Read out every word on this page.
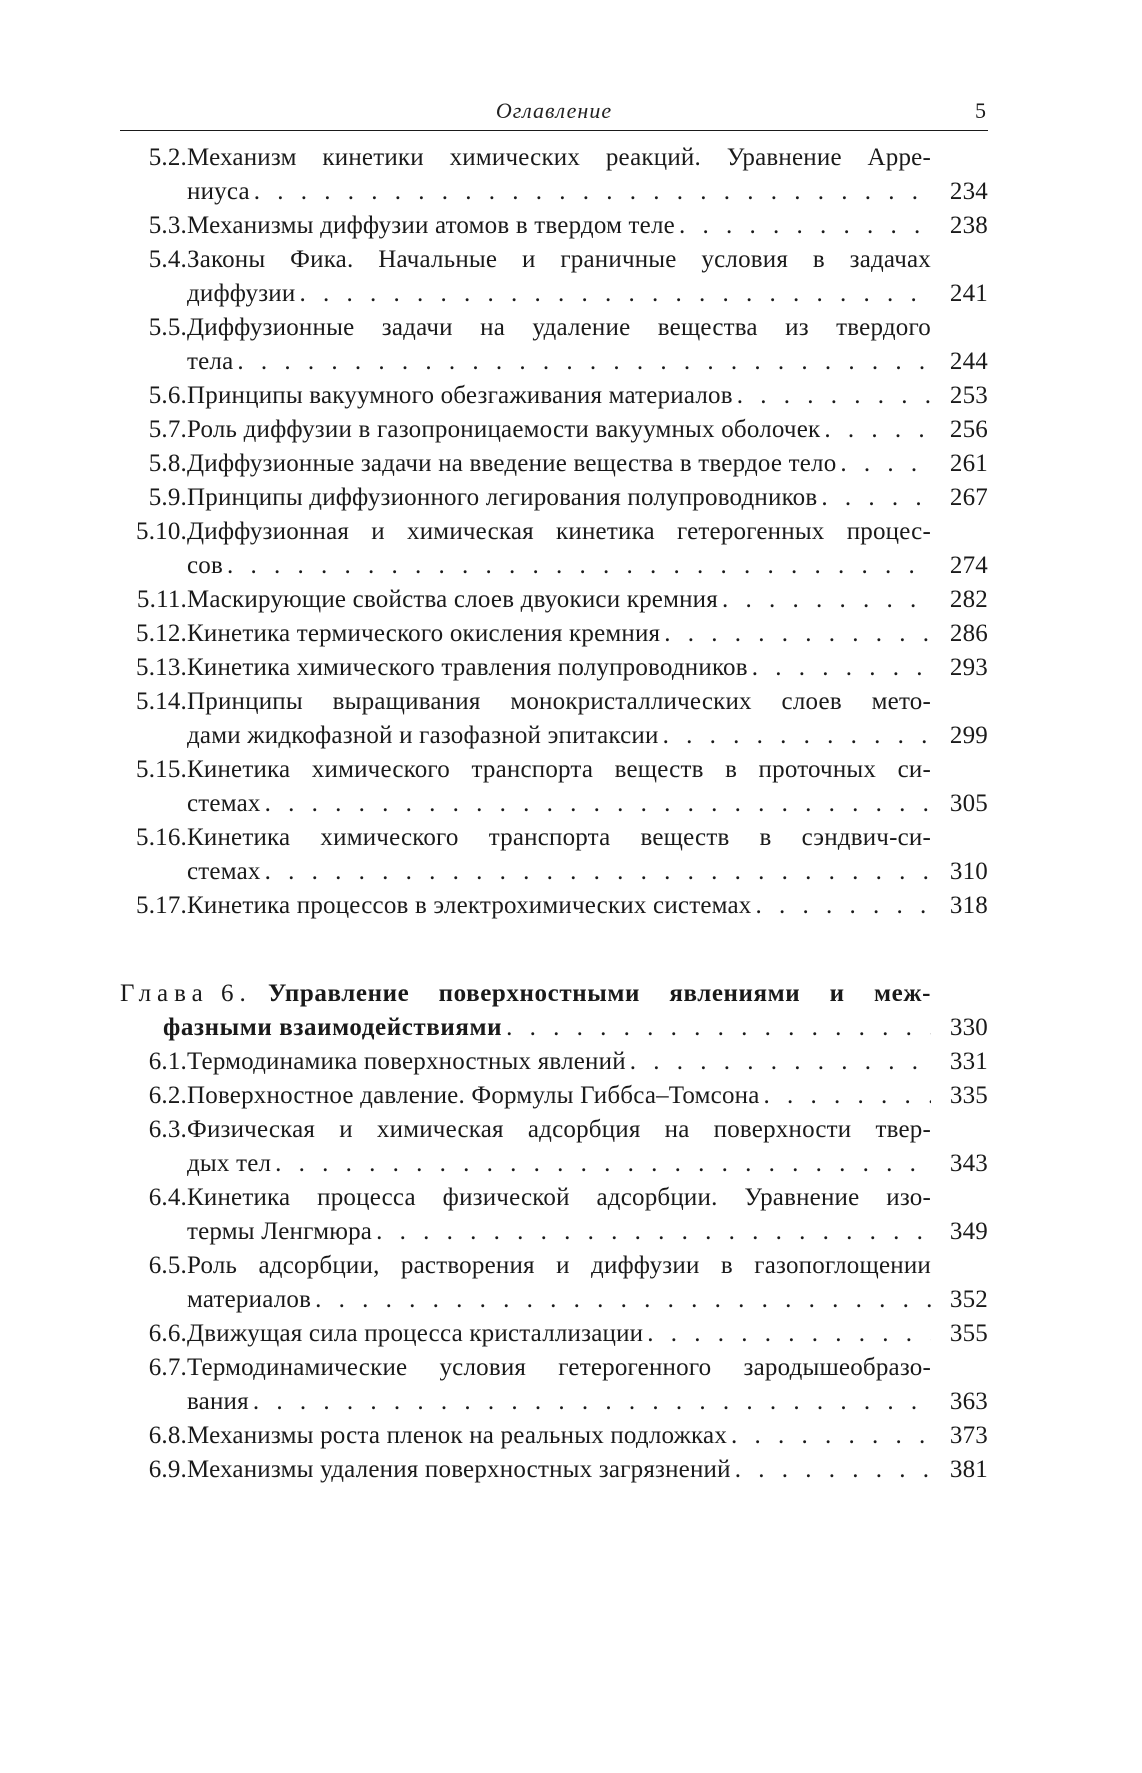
Оглавление	5
5.2. Механизм кинетики химических реакций. Уравнение Арре-
ниуса . . .	234
5.3. Механизмы диффузии атомов в твердом теле . . .	238
5.4. Законы Фика. Начальные и граничные условия в задачах
диффузии . . .	241
5.5. Диффузионные задачи на удаление вещества из твердого
тела . . .	244
5.6. Принципы вакуумного обезгаживания материалов . . .	253
5.7. Роль диффузии в газопроницаемости вакуумных оболочек . . .	256
5.8. Диффузионные задачи на введение вещества в твердое тело . . .	261
5.9. Принципы диффузионного легирования полупроводников . . .	267
5.10. Диффузионная и химическая кинетика гетерогенных процес-
сов . . .	274
5.11. Маскирующие свойства слоев двуокиси кремния . . .	282
5.12. Кинетика термического окисления кремния . . .	286
5.13. Кинетика химического травления полупроводников . . .	293
5.14. Принципы выращивания монокристаллических слоев мето-
дами жидкофазной и газофазной эпитаксии . . .	299
5.15. Кинетика химического транспорта веществ в проточных си-
стемах . . .	305
5.16. Кинетика химического транспорта веществ в сэндвич-си-
стемах . . .	310
5.17. Кинетика процессов в электрохимических системах . . .	318
Глава 6. Управление поверхностными явлениями и меж-
фазными взаимодействиями . . .	330
6.1. Термодинамика поверхностных явлений . . .	331
6.2. Поверхностное давление. Формулы Гиббса–Томсона . . .	335
6.3. Физическая и химическая адсорбция на поверхности твер-
дых тел . . .	343
6.4. Кинетика процесса физической адсорбции. Уравнение изо-
термы Ленгмюра . . .	349
6.5. Роль адсорбции, растворения и диффузии в газопоглощении
материалов . . .	352
6.6. Движущая сила процесса кристаллизации . . .	355
6.7. Термодинамические условия гетерогенного зародышеобразо-
вания . . .	363
6.8. Механизмы роста пленок на реальных подложках . . .	373
6.9. Механизмы удаления поверхностных загрязнений . . .	381
